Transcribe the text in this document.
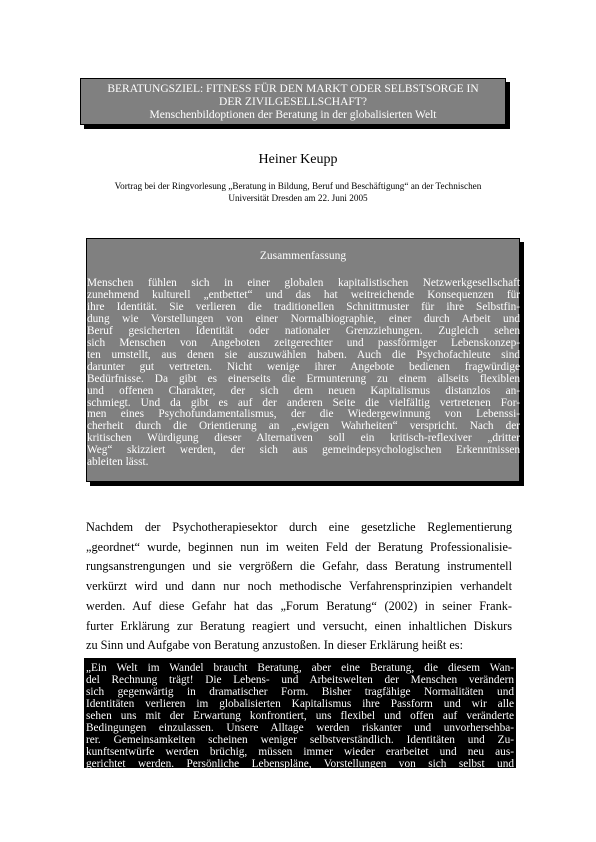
BERATUNGSZIEL: FITNESS FÜR DEN MARKT ODER SELBSTSORGE IN
DER ZIVILGESELLSCHAFT?
Menschenbildoptionen der Beratung in der globalisierten Welt
Heiner Keupp
Vortrag bei der Ringvorlesung „Beratung in Bildung, Beruf und Beschäftigung“ an der Technischen
Universität Dresden am 22. Juni 2005
Zusammenfassung
Menschen fühlen sich in einer globalen kapitalistischen Netzwerkgesellschaft
zunehmend kulturell „entbettet“ und das hat weitreichende Konsequenzen für
ihre Identität. Sie verlieren die traditionellen Schnittmuster für ihre Selbstfin-
dung wie Vorstellungen von einer Normalbiographie, einer durch Arbeit und
Beruf gesicherten Identität oder nationaler Grenzziehungen. Zugleich sehen
sich Menschen von Angeboten zeitgerechter und passförmiger Lebenskonzep-
ten umstellt, aus denen sie auszuwählen haben. Auch die Psychofachleute sind
darunter gut vertreten. Nicht wenige ihrer Angebote bedienen fragwürdige
Bedürfnisse. Da gibt es einerseits die Ermunterung zu einem allseits flexiblen
und offenen Charakter, der sich dem neuen Kapitalismus distanzlos an-
schmiegt. Und da gibt es auf der anderen Seite die vielfältig vertretenen For-
men eines Psychofundamentalismus, der die Wiedergewinnung von Lebenssi-
cherheit durch die Orientierung an „ewigen Wahrheiten“ verspricht. Nach der
kritischen Würdigung dieser Alternativen soll ein kritisch-reflexiver „dritter
Weg“ skizziert werden, der sich aus gemeindepsychologischen Erkenntnissen
ableiten lässt.
Nachdem der Psychotherapiesektor durch eine gesetzliche Reglementierung
„geordnet“ wurde, beginnen nun im weiten Feld der Beratung Professionalisie-
rungsanstrengungen und sie vergrößern die Gefahr, dass Beratung instrumentell
verkürzt wird und dann nur noch methodische Verfahrensprinzipien verhandelt
werden. Auf diese Gefahr hat das „Forum Beratung“ (2002) in seiner Frank-
furter Erklärung zur Beratung reagiert und versucht, einen inhaltlichen Diskurs
zu Sinn und Aufgabe von Beratung anzustoßen. In dieser Erklärung heißt es:
„Ein Welt im Wandel braucht Beratung, aber eine Beratung, die diesem Wan-
del Rechnung trägt! Die Lebens- und Arbeitswelten der Menschen verändern
sich gegenwärtig in dramatischer Form. Bisher tragfähige Normalitäten und
Identitäten verlieren im globalisierten Kapitalismus ihre Passform und wir alle
sehen uns mit der Erwartung konfrontiert, uns flexibel und offen auf veränderte
Bedingungen einzulassen. Unsere Alltage werden riskanter und unvorhersehba-
rer. Gemeinsamkeiten scheinen weniger selbstverständlich. Identitäten und Zu-
kunftsentwürfe werden brüchig, müssen immer wieder erarbeitet und neu aus-
gerichtet werden. Persönliche Lebenspläne, Vorstellungen von sich selbst und
